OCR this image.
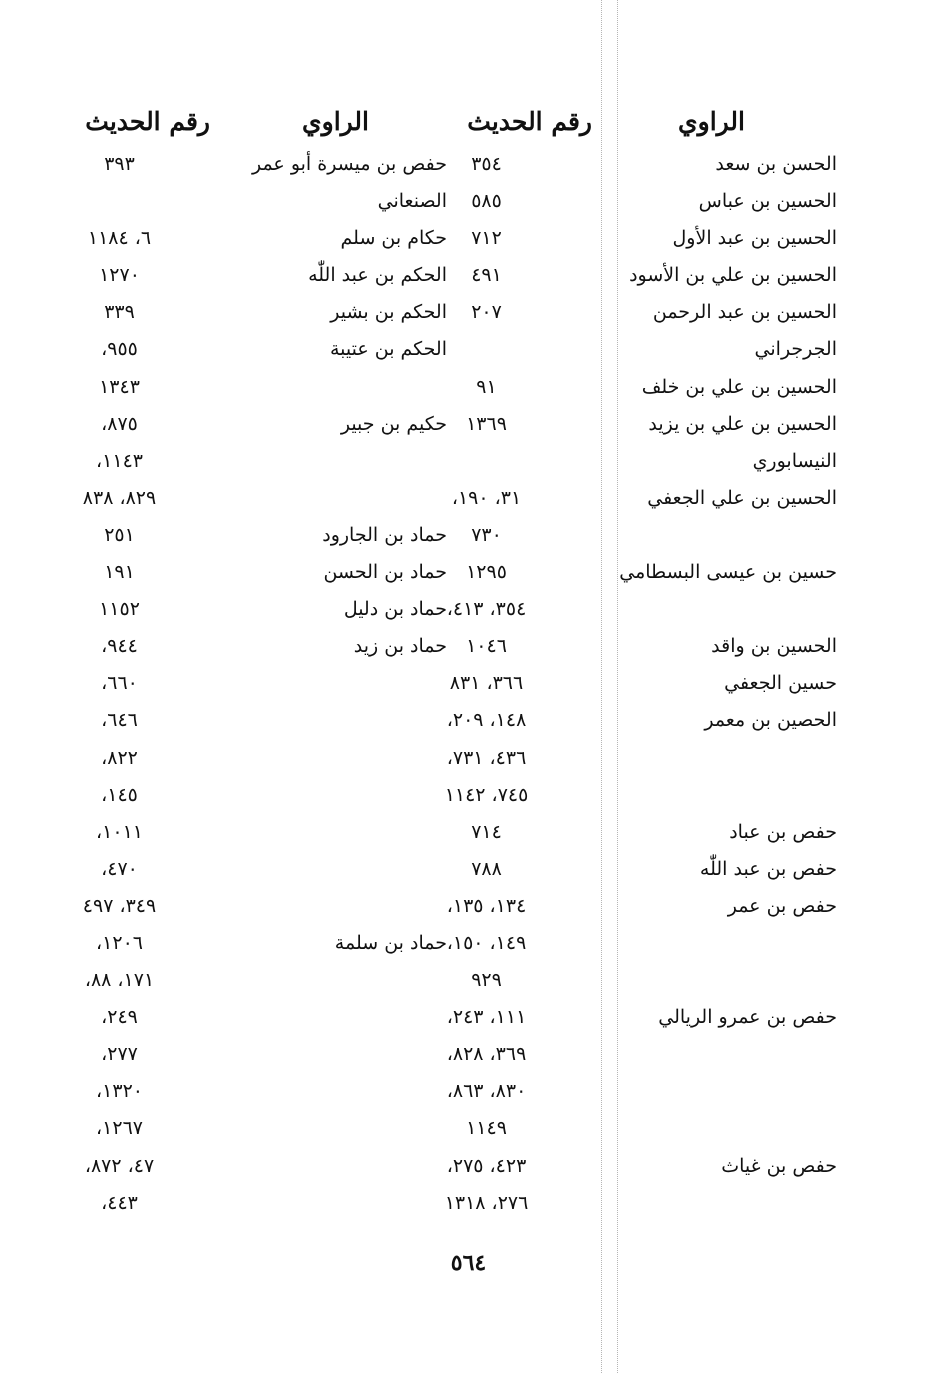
الراوي
رقم الحديث
الراوي
رقم الحديث
الحسن بن سعد
٣٥٤
حفص بن ميسرة أبو عمر
٣٩٣
الحسين بن عباس
٥٨٥
الصنعاني
الحسين بن عبد الأول
٧١٢
حكام بن سلم
٦، ١١٨٤
الحسين بن علي بن الأسود
٤٩١
الحكم بن عبد اللّٰه
١٢٧٠
الحسين بن عبد الرحمن
٢٠٧
الحكم بن بشير
٣٣٩
الجرجراني
الحكم بن عتيبة
٩٥٥،
الحسين بن علي بن خلف
٩١
١٣٤٣
الحسين بن علي بن يزيد
١٣٦٩
حكيم بن جبير
٨٧٥،
النيسابوري
١١٤٣،
الحسين بن علي الجعفي
٣١، ١٩٠،
٨٢٩، ٨٣٨
٧٣٠
حماد بن الجارود
٢٥١
حسين بن عيسى البسطامي
١٢٩٥
حماد بن الحسن
١٩١
٣٥٤، ٤١٣،
حماد بن دليل
١١٥٢
الحسين بن واقد
١٠٤٦
حماد بن زيد
٩٤٤،
حسين الجعفي
٣٦٦، ٨٣١
٦٦٠،
الحصين بن معمر
١٤٨، ٢٠٩،
٦٤٦،
٤٣٦، ٧٣١،
٨٢٢،
٧٤٥، ١١٤٢
١٤٥،
حفص بن عباد
٧١٤
١٠١١،
حفص بن عبد اللّٰه
٧٨٨
٤٧٠،
حفص بن عمر
١٣٤، ١٣٥،
٣٤٩، ٤٩٧
١٤٩، ١٥٠،
حماد بن سلمة
١٢٠٦،
٩٢٩
١٧١، ٨٨،
حفص بن عمرو الريالي
١١١، ٢٤٣،
٢٤٩،
٣٦٩، ٨٢٨،
٢٧٧،
٨٣٠، ٨٦٣،
١٣٢٠،
١١٤٩
١٢٦٧،
حفص بن غياث
٤٢٣، ٢٧٥،
٤٧، ٨٧٢،
٢٧٦، ١٣١٨
٤٤٣،
٥٦٤
